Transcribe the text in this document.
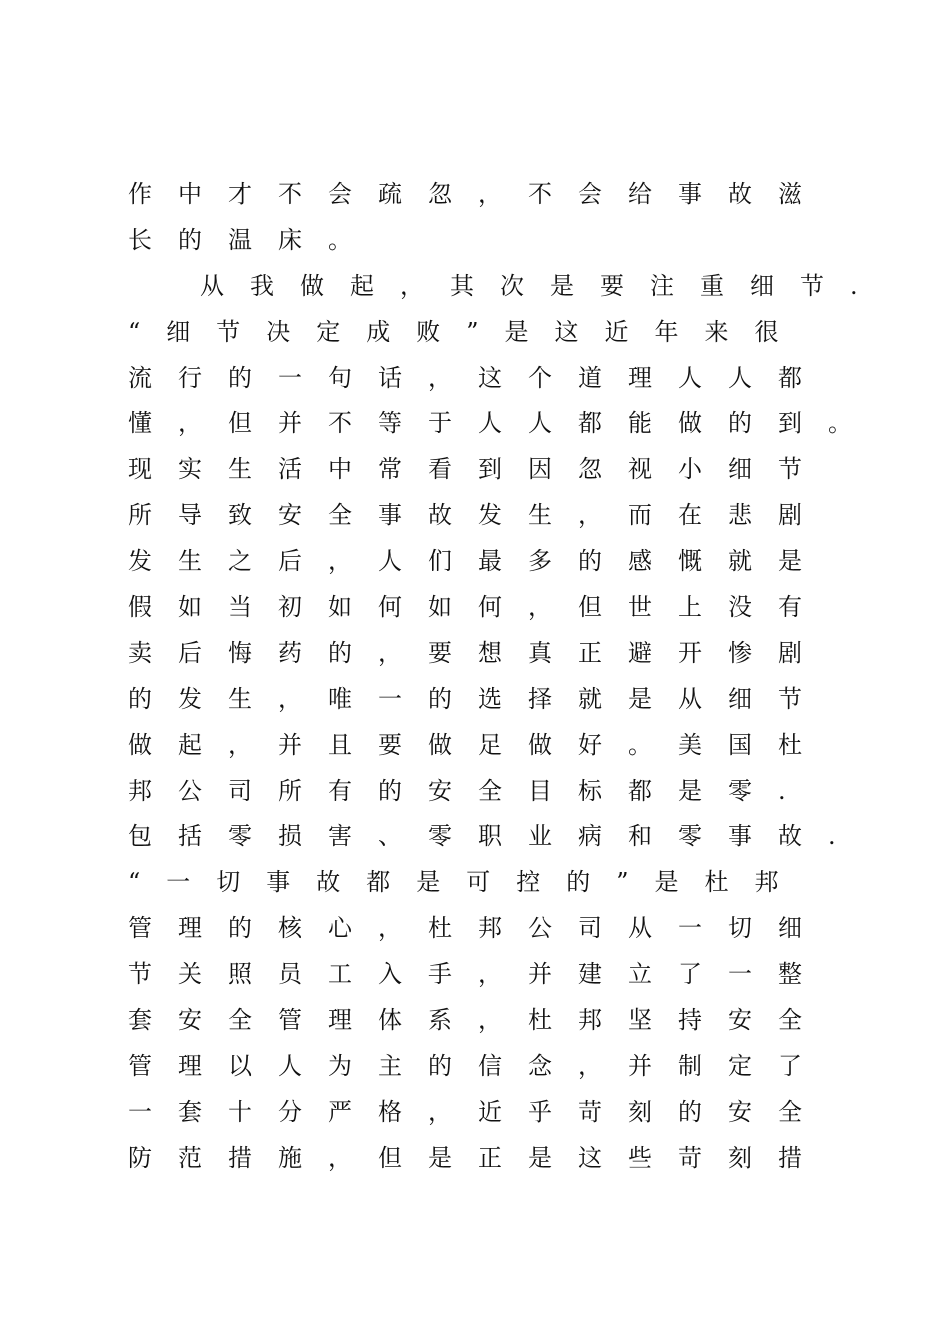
作中才不会疏忽，不会给事故滋
长的温床。
从我做起，其次是要注重细节.
“细节决定成败”是这近年来很
流行的一句话，这个道理人人都
懂，但并不等于人人都能做的到。
现实生活中常看到因忽视小细节
所导致安全事故发生，而在悲剧
发生之后，人们最多的感慨就是
假如当初如何如何，但世上没有
卖后悔药的，要想真正避开惨剧
的发生，唯一的选择就是从细节
做起，并且要做足做好。美国杜
邦公司所有的安全目标都是零.
包括零损害、零职业病和零事故.
“一切事故都是可控的”是杜邦
管理的核心，杜邦公司从一切细
节关照员工入手，并建立了一整
套安全管理体系，杜邦坚持安全
管理以人为主的信念，并制定了
一套十分严格，近乎苛刻的安全
防范措施，但是正是这些苛刻措
